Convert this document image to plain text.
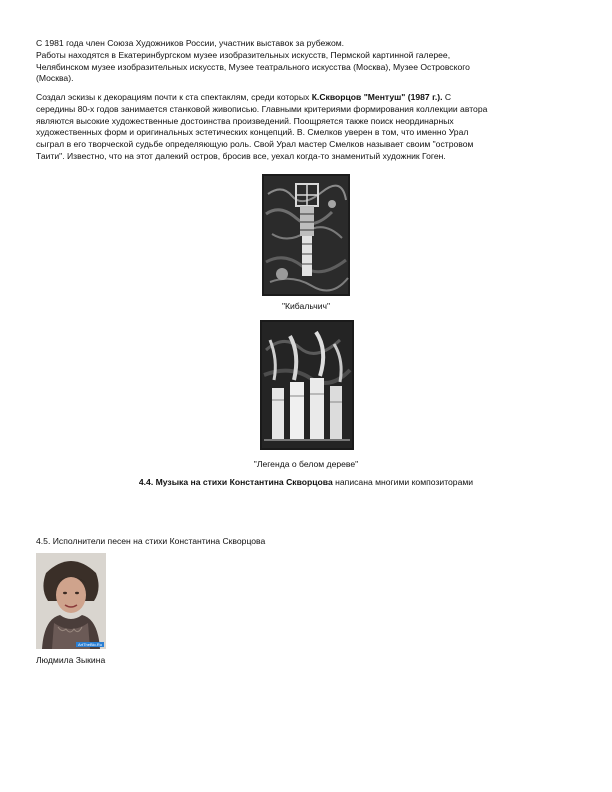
С 1981 года член Союза Художников России, участник выставок за рубежом.
Работы находятся в Екатеринбургском музее изобразительных искусств, Пермской картинной галерее,
Челябинском музее изобразительных искусств, Музее театрального искусства (Москва), Музее Островского
(Москва).
Создал эскизы к декорациям почти к ста спектаклям, среди которых К.Скворцов "Ментуш" (1987 г.). С
середины 80-х годов занимается станковой живописью. Главными критериями формирования коллекции автора
являются высокие художественные достоинства произведений. Поощряется также поиск неординарных
художественных форм и оригинальных эстетических концепций. В. Смелков уверен в том, что именно Урал
сыграл в его творческой судьбе определяющую роль. Свой Урал мастер Смелков называет своим "островом
Таити". Известно, что на этот далекий остров, бросив все, уехал когда-то знаменитый художник Гоген.

"Кибальчич"

"Легенда о белом дереве"

4.4. Музыка на стихи Константина Скворцова написана многими композиторами

4.5. Исполнители песен на стихи Константина Скворцова

ArtTheBlo.Ru

Людмила Зыкина
